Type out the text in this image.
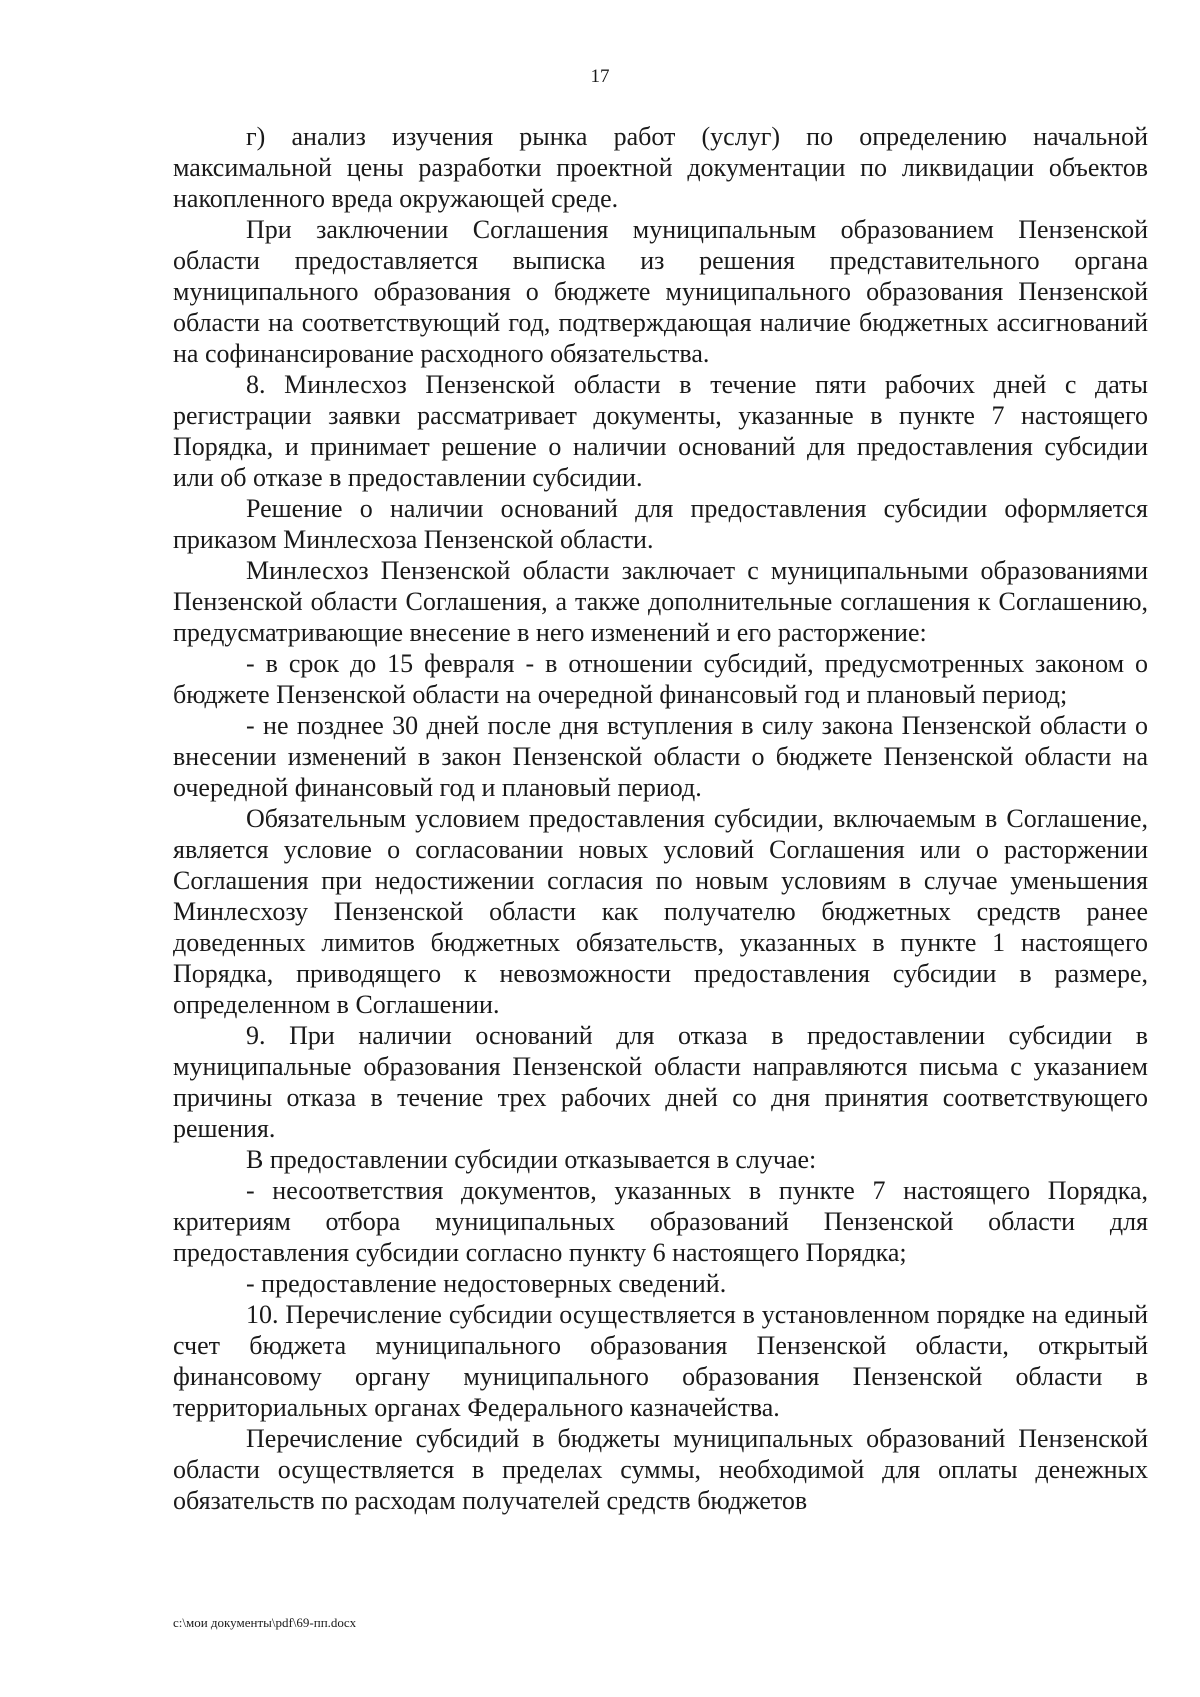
17

г) анализ изучения рынка работ (услуг) по определению начальной максимальной цены разработки проектной документации по ликвидации объектов накопленного вреда окружающей среде.

При заключении Соглашения муниципальным образованием Пензенской области предоставляется выписка из решения представительного органа муниципального образования о бюджете муниципального образования Пензенской области на соответствующий год, подтверждающая наличие бюджетных ассигнований на софинансирование расходного обязательства.

8. Минлесхоз Пензенской области в течение пяти рабочих дней с даты регистрации заявки рассматривает документы, указанные в пункте 7 настоящего Порядка, и принимает решение о наличии оснований для предоставления субсидии или об отказе в предоставлении субсидии.

Решение о наличии оснований для предоставления субсидии оформляется приказом Минлесхоза Пензенской области.

Минлесхоз Пензенской области заключает с муниципальными образованиями Пензенской области Соглашения, а также дополнительные соглашения к Соглашению, предусматривающие внесение в него изменений и его расторжение:

- в срок до 15 февраля - в отношении субсидий, предусмотренных законом о бюджете Пензенской области на очередной финансовый год и плановый период;

- не позднее 30 дней после дня вступления в силу закона Пензенской области о внесении изменений в закон Пензенской области о бюджете Пензенской области на очередной финансовый год и плановый период.

Обязательным условием предоставления субсидии, включаемым в Соглашение, является условие о согласовании новых условий Соглашения или о расторжении Соглашения при недостижении согласия по новым условиям в случае уменьшения Минлесхозу Пензенской области как получателю бюджетных средств ранее доведенных лимитов бюджетных обязательств, указанных в пункте 1 настоящего Порядка, приводящего к невозможности предоставления субсидии в размере, определенном в Соглашении.

9. При наличии оснований для отказа в предоставлении субсидии в муниципальные образования Пензенской области направляются письма с указанием причины отказа в течение трех рабочих дней со дня принятия соответствующего решения.

В предоставлении субсидии отказывается в случае:

- несоответствия документов, указанных в пункте 7 настоящего Порядка, критериям отбора муниципальных образований Пензенской области для предоставления субсидии согласно пункту 6 настоящего Порядка;

- предоставление недостоверных сведений.

10. Перечисление субсидии осуществляется в установленном порядке на единый счет бюджета муниципального образования Пензенской области, открытый финансовому органу муниципального образования Пензенской области в территориальных органах Федерального казначейства.

Перечисление субсидий в бюджеты муниципальных образований Пензенской области осуществляется в пределах суммы, необходимой для оплаты денежных обязательств по расходам получателей средств бюджетов

c:\мои документы\pdf\69-пп.docx
